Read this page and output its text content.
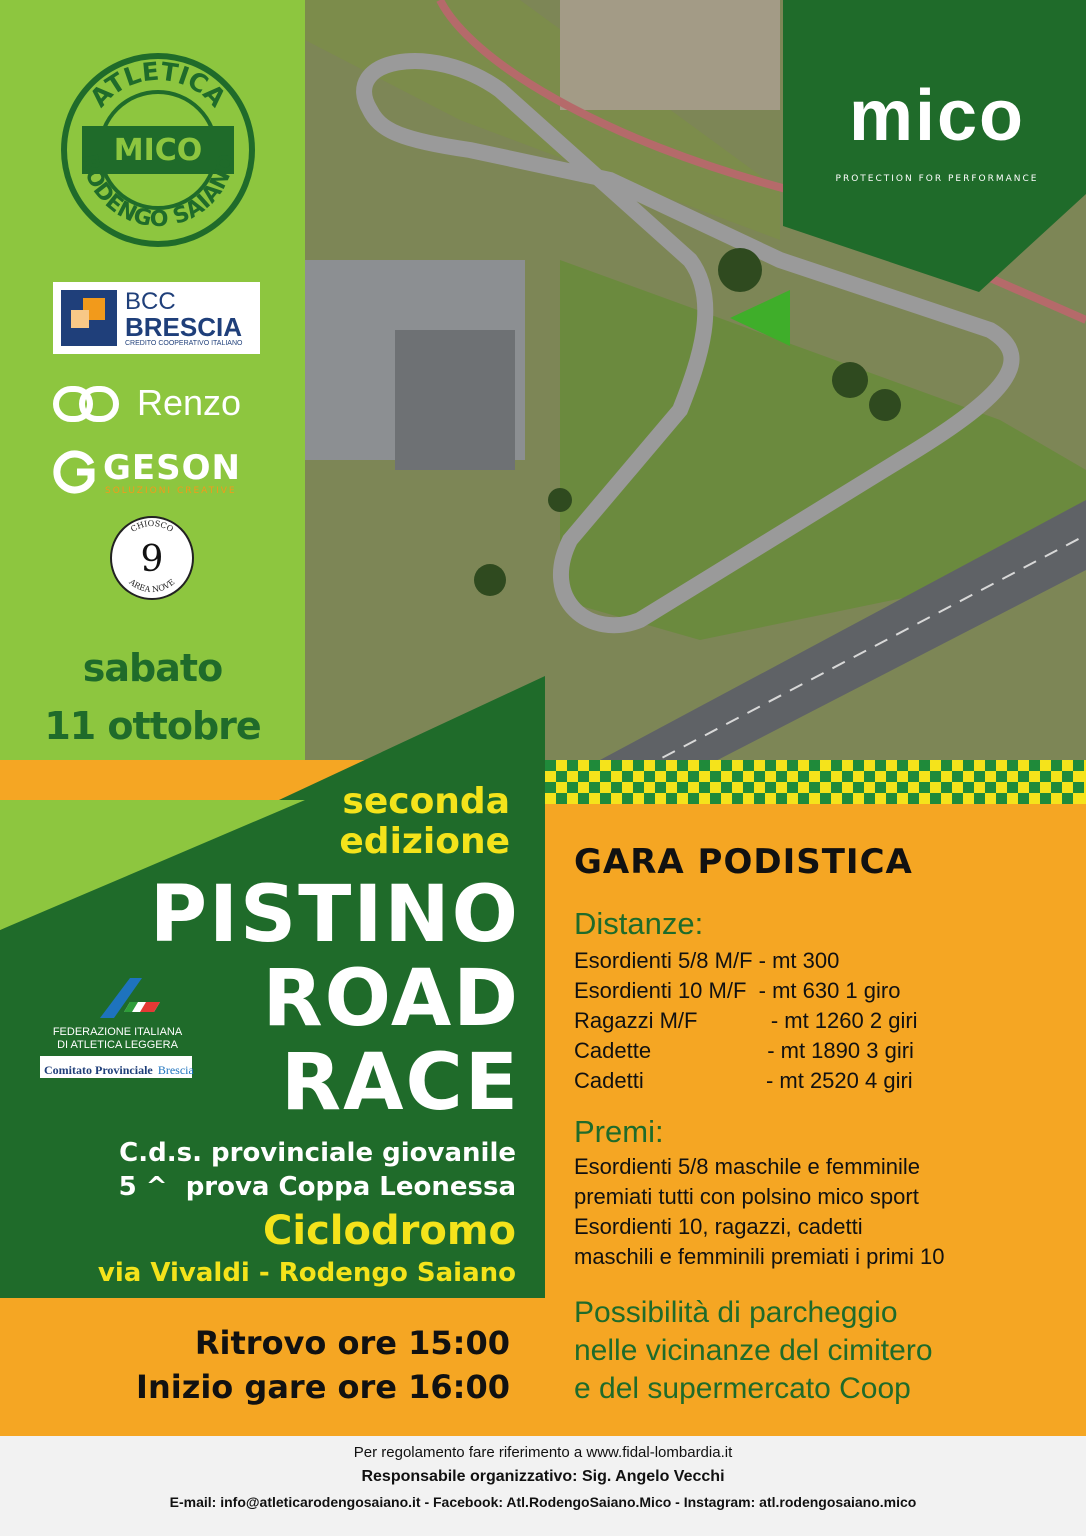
ATLETICA
RODENGO SAIANO
MICO
BCC
BRESCIA
CREDITO COOPERATIVO ITALIANO
Renzo
GESON
SOLUZIONI CREATIVE
CHIOSCO
AREA NOVE
9
sabato
11 ottobre
mico
PROTECTION FOR PERFORMANCE
seconda
edizione
PISTINO
ROAD
RACE
FEDERAZIONE ITALIANA
DI ATLETICA LEGGERA
Comitato Provinciale Brescia
C.d.s. provinciale giovanile
5 ^  prova Coppa Leonessa
Ciclodromo
via Vivaldi - Rodengo Saiano
Ritrovo ore 15:00
Inizio gare ore 16:00
GARA PODISTICA
Distanze:
Esordienti 5/8 M/F - mt 300
Esordienti 10 M/F  - mt 630 1 giro
Ragazzi M/F            - mt 1260 2 giri
Cadette                   - mt 1890 3 giri
Cadetti                    - mt 2520 4 giri
Premi:
Esordienti 5/8 maschile e femminile
premiati tutti con polsino mico sport
Esordienti 10, ragazzi, cadetti
maschili e femminili premiati i primi 10
Possibilità di parcheggio
nelle vicinanze del cimitero
e del supermercato Coop
Per regolamento fare riferimento a www.fidal-lombardia.it
Responsabile organizzativo: Sig. Angelo Vecchi
E-mail: info@atleticarodengosaiano.it - Facebook: Atl.RodengoSaiano.Mico - Instagram: atl.rodengosaiano.mico
